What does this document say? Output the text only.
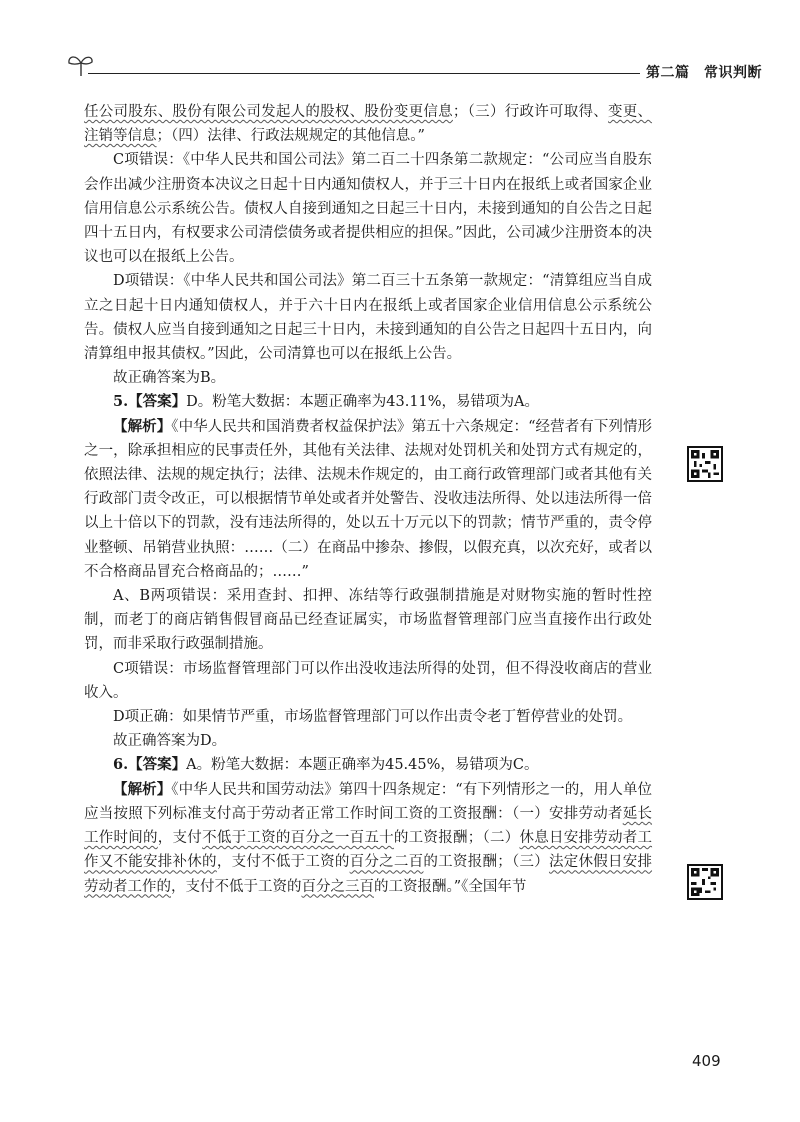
第二篇　常识判断

任公司股东、股份有限公司发起人的股权、股份变更信息；（三）行政许可取得、变更、注销等信息；（四）法律、行政法规规定的其他信息。”

C项错误：《中华人民共和国公司法》第二百二十四条第二款规定：“公司应当自股东会作出减少注册资本决议之日起十日内通知债权人，并于三十日内在报纸上或者国家企业信用信息公示系统公告。债权人自接到通知之日起三十日内，未接到通知的自公告之日起四十五日内，有权要求公司清偿债务或者提供相应的担保。”因此，公司减少注册资本的决议也可以在报纸上公告。

D项错误：《中华人民共和国公司法》第二百三十五条第一款规定：“清算组应当自成立之日起十日内通知债权人，并于六十日内在报纸上或者国家企业信用信息公示系统公告。债权人应当自接到通知之日起三十日内，未接到通知的自公告之日起四十五日内，向清算组申报其债权。”因此，公司清算也可以在报纸上公告。

故正确答案为B。

5.【答案】D。粉笔大数据：本题正确率为43.11%，易错项为A。

【解析】《中华人民共和国消费者权益保护法》第五十六条规定：“经营者有下列情形之一，除承担相应的民事责任外，其他有关法律、法规对处罚机关和处罚方式有规定的，依照法律、法规的规定执行；法律、法规未作规定的，由工商行政管理部门或者其他有关行政部门责令改正，可以根据情节单处或者并处警告、没收违法所得、处以违法所得一倍以上十倍以下的罚款，没有违法所得的，处以五十万元以下的罚款；情节严重的，责令停业整顿、吊销营业执照：……（二）在商品中掺杂、掺假，以假充真，以次充好，或者以不合格商品冒充合格商品的；……”

A、B两项错误：采用查封、扣押、冻结等行政强制措施是对财物实施的暂时性控制，而老丁的商店销售假冒商品已经查证属实，市场监督管理部门应当直接作出行政处罚，而非采取行政强制措施。

C项错误：市场监督管理部门可以作出没收违法所得的处罚，但不得没收商店的营业收入。

D项正确：如果情节严重，市场监督管理部门可以作出责令老丁暂停营业的处罚。

故正确答案为D。

6.【答案】A。粉笔大数据：本题正确率为45.45%，易错项为C。

【解析】《中华人民共和国劳动法》第四十四条规定：“有下列情形之一的，用人单位应当按照下列标准支付高于劳动者正常工作时间工资的工资报酬：（一）安排劳动者延长工作时间的，支付不低于工资的百分之一百五十的工资报酬；（二）休息日安排劳动者工作又不能安排补休的，支付不低于工资的百分之二百的工资报酬；（三）法定休假日安排劳动者工作的，支付不低于工资的百分之三百的工资报酬。”《全国年节

409
